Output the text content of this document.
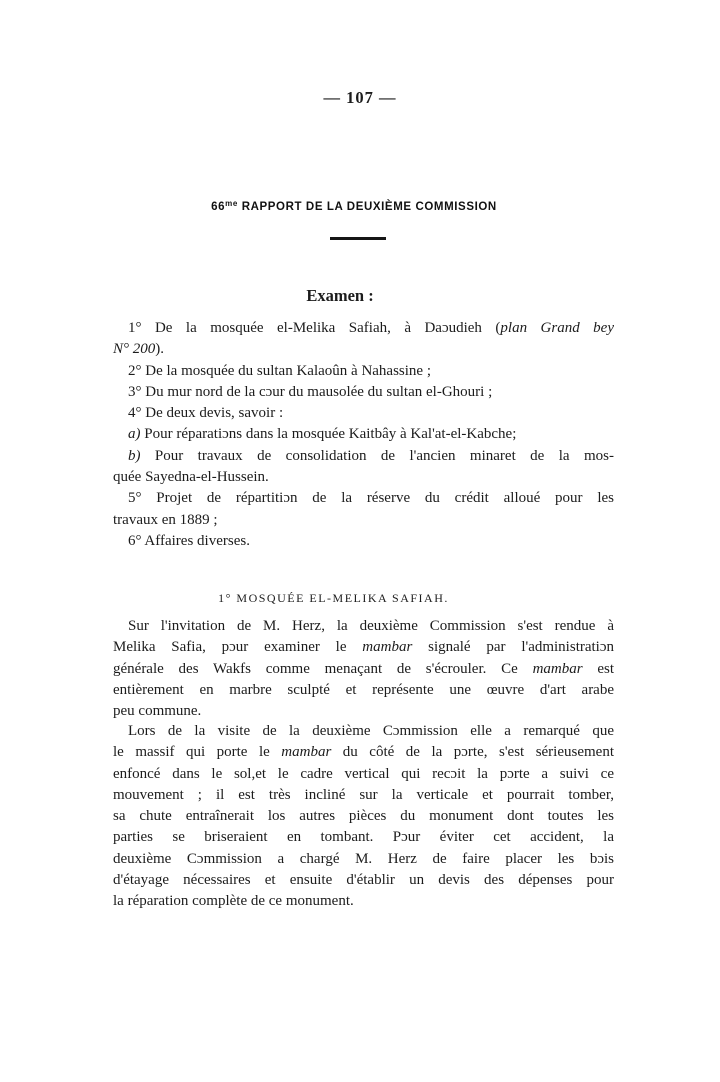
— 107 —
$66^{me}$ RAPPORT DE LA DEUXIÈME COMMISSION
Examen :
1° De la mosquée el-Melika Safiah, à Daɔudieh (plan Grand bey
N° 200).
2° De la mosquée du sultan Kalaoûn à Nahassine ;
3° Du mur nord de la cɔur du mausolée du sultan el-Ghouri ;
4° De deux devis, savoir :
a) Pour réparatiɔns dans la mosquée Kaitbây à Kal'at-el-Kabche;
b) Pour travaux de consolidation de l'ancien minaret de la mos-
quée Sayedna-el-Hussein.
5° Projet de répartitiɔn de la réserve du crédit alloué pour les
travaux en 1889 ;
6° Affaires diverses.
1° MOSQUÉE EL-MELIKA SAFIAH.
Sur l'invitation de M. Herz, la deuxième Commission s'est rendue à
Melika Safia, pɔur examiner le mambar signalé par l'administratiɔn
générale des Wakfs comme menaçant de s'écrouler. Ce mambar est
entièrement en marbre sculpté et représente une œuvre d'art arabe
peu commune.
Lors de la visite de la deuxième Cɔmmission elle a remarqué que
le massif qui porte le mambar du côté de la pɔrte, s'est sérieusement
enfoncé dans le sol,et le cadre vertical qui recɔit la pɔrte a suivi ce
mouvement ; il est très incliné sur la verticale et pourrait tomber,
sa chute entraînerait los autres pièces du monument dont toutes les
parties se briseraient en tombant. Pɔur éviter cet accident, la
deuxième Cɔmmission a chargé M. Herz de faire placer les bɔis
d'étayage nécessaires et ensuite d'établir un devis des dépenses pour
la réparation complète de ce monument.
